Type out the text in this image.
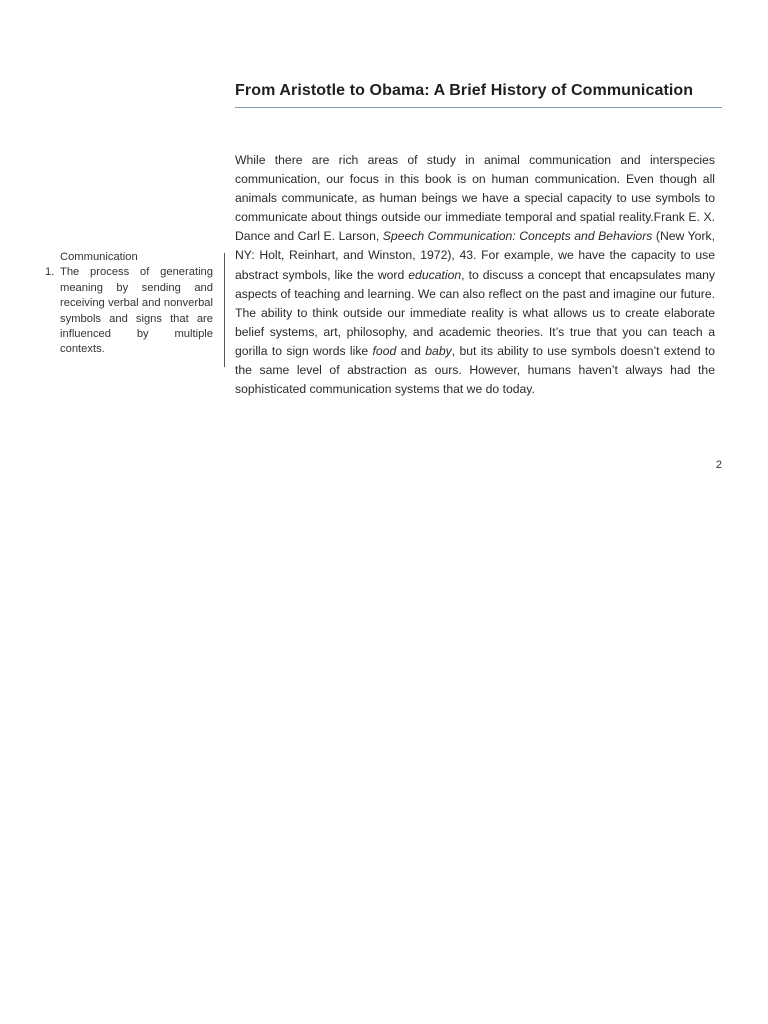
From Aristotle to Obama: A Brief History of Communication
Communication
1. The process of generating meaning by sending and receiving verbal and nonverbal symbols and signs that are influenced by multiple contexts.

While there are rich areas of study in animal communication and interspecies communication, our focus in this book is on human communication. Even though all animals communicate, as human beings we have a special capacity to use symbols to communicate about things outside our immediate temporal and spatial reality.Frank E. X. Dance and Carl E. Larson, Speech Communication: Concepts and Behaviors (New York, NY: Holt, Reinhart, and Winston, 1972), 43. For example, we have the capacity to use abstract symbols, like the word education, to discuss a concept that encapsulates many aspects of teaching and learning. We can also reflect on the past and imagine our future. The ability to think outside our immediate reality is what allows us to create elaborate belief systems, art, philosophy, and academic theories. It’s true that you can teach a gorilla to sign words like food and baby, but its ability to use symbols doesn’t extend to the same level of abstraction as ours. However, humans haven’t always had the sophisticated communication systems that we do today.

2
